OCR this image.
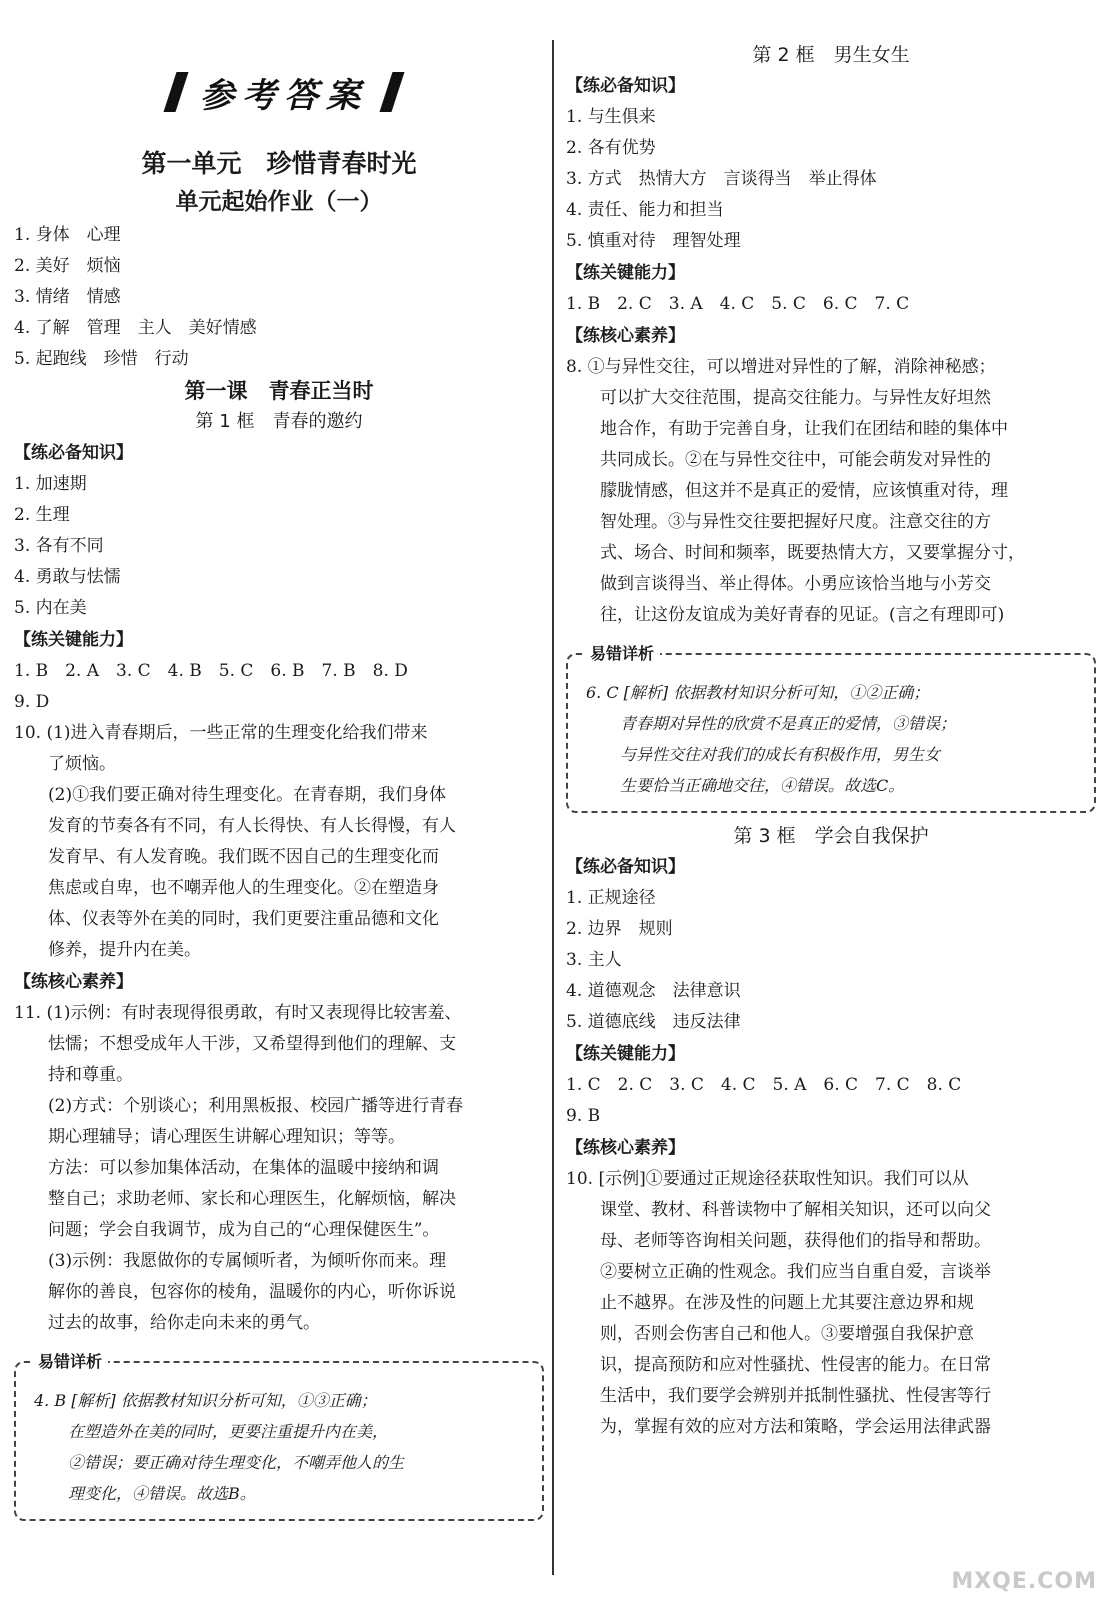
参考答案
第一单元　珍惜青春时光
单元起始作业（一）
1. 身体　心理
2. 美好　烦恼
3. 情绪　情感
4. 了解　管理　主人　美好情感
5. 起跑线　珍惜　行动
第一课　青春正当时
第 1 框　青春的邀约
【练必备知识】
1. 加速期
2. 生理
3. 各有不同
4. 勇敢与怯懦
5. 内在美
【练关键能力】
1. B　2. A　3. C　4. B　5. C　6. B　7. B　8. D
9. D
10. (1)进入青春期后，一些正常的生理变化给我们带来
了烦恼。
(2)①我们要正确对待生理变化。在青春期，我们身体
发育的节奏各有不同，有人长得快、有人长得慢，有人
发育早、有人发育晚。我们既不因自己的生理变化而
焦虑或自卑，也不嘲弄他人的生理变化。②在塑造身
体、仪表等外在美的同时，我们更要注重品德和文化
修养，提升内在美。
【练核心素养】
11. (1)示例：有时表现得很勇敢，有时又表现得比较害羞、
怯懦；不想受成年人干涉，又希望得到他们的理解、支
持和尊重。
(2)方式：个别谈心；利用黑板报、校园广播等进行青春
期心理辅导；请心理医生讲解心理知识；等等。
方法：可以参加集体活动，在集体的温暖中接纳和调
整自己；求助老师、家长和心理医生，化解烦恼，解决
问题；学会自我调节，成为自己的“心理保健医生”。
(3)示例：我愿做你的专属倾听者，为倾听你而来。理
解你的善良，包容你的棱角，温暖你的内心，听你诉说
过去的故事，给你走向未来的勇气。
易错详析
4. B [解析] 依据教材知识分析可知，①③正确；
在塑造外在美的同时，更要注重提升内在美，
②错误；要正确对待生理变化，不嘲弄他人的生
理变化，④错误。故选B。
第 2 框　男生女生
【练必备知识】
1. 与生俱来
2. 各有优势
3. 方式　热情大方　言谈得当　举止得体
4. 责任、能力和担当
5. 慎重对待　理智处理
【练关键能力】
1. B　2. C　3. A　4. C　5. C　6. C　7. C
【练核心素养】
8. ①与异性交往，可以增进对异性的了解，消除神秘感；
可以扩大交往范围，提高交往能力。与异性友好坦然
地合作，有助于完善自身，让我们在团结和睦的集体中
共同成长。②在与异性交往中，可能会萌发对异性的
朦胧情感，但这并不是真正的爱情，应该慎重对待，理
智处理。③与异性交往要把握好尺度。注意交往的方
式、场合、时间和频率，既要热情大方，又要掌握分寸，
做到言谈得当、举止得体。小勇应该恰当地与小芳交
往，让这份友谊成为美好青春的见证。(言之有理即可)
易错详析
6. C [解析] 依据教材知识分析可知，①②正确；
青春期对异性的欣赏不是真正的爱情，③错误；
与异性交往对我们的成长有积极作用，男生女
生要恰当正确地交往，④错误。故选C。
第 3 框　学会自我保护
【练必备知识】
1. 正规途径
2. 边界　规则
3. 主人
4. 道德观念　法律意识
5. 道德底线　违反法律
【练关键能力】
1. C　2. C　3. C　4. C　5. A　6. C　7. C　8. C
9. B
【练核心素养】
10. [示例]①要通过正规途径获取性知识。我们可以从
课堂、教材、科普读物中了解相关知识，还可以向父
母、老师等咨询相关问题，获得他们的指导和帮助。
②要树立正确的性观念。我们应当自重自爱，言谈举
止不越界。在涉及性的问题上尤其要注意边界和规
则，否则会伤害自己和他人。③要增强自我保护意
识，提高预防和应对性骚扰、性侵害的能力。在日常
生活中，我们要学会辨别并抵制性骚扰、性侵害等行
为，掌握有效的应对方法和策略，学会运用法律武器
MXQE.COM
